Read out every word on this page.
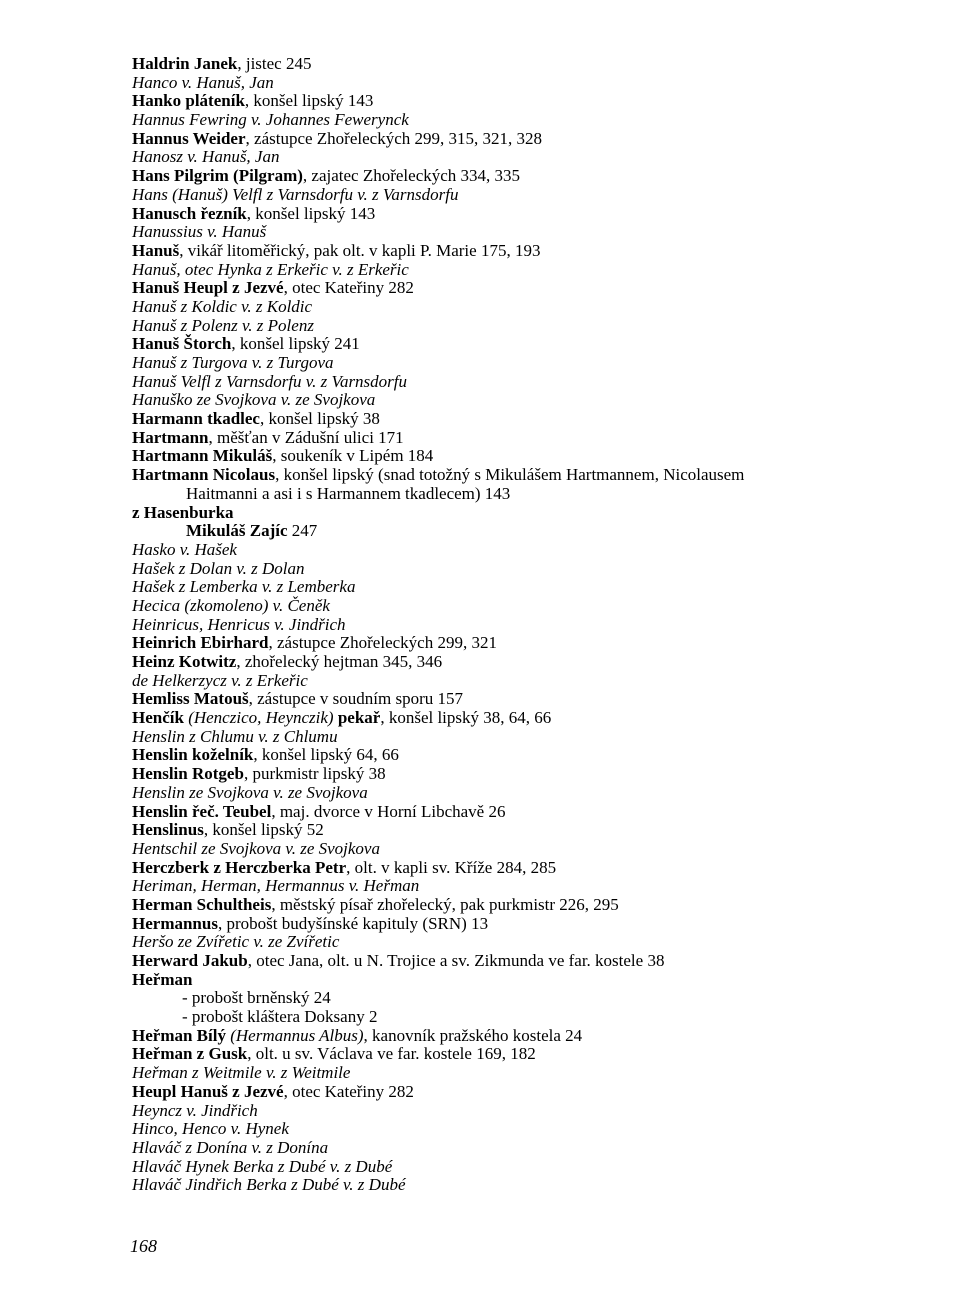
Haldrin Janek, jistec 245
Hanco v. Hanuš, Jan
Hanko pláteník, konšel lipský 143
Hannus Fewring v. Johannes Fewerynck
Hannus Weider, zástupce Zhořeleckých 299, 315, 321, 328
Hanosz v. Hanuš, Jan
Hans Pilgrim (Pilgram), zajatec Zhořeleckých 334, 335
Hans (Hanuš) Velfl z Varnsdorfu v. z Varnsdorfu
Hanusch řezník, konšel lipský 143
Hanussius v. Hanuš
Hanuš, vikář litoměřický, pak olt. v kapli P. Marie 175, 193
Hanuš, otec Hynka z Erkeřic v. z Erkeřic
Hanuš Heupl z Jezvé, otec Kateřiny 282
Hanuš z Koldic v. z Koldic
Hanuš z Polenz v. z Polenz
Hanuš Štorch, konšel lipský 241
Hanuš z Turgova v. z Turgova
Hanuš Velfl z Varnsdorfu v. z Varnsdorfu
Hanuško ze Svojkova v. ze Svojkova
Harmann tkadlec, konšel lipský 38
Hartmann, měšťan v Zádušní ulici 171
Hartmann Mikuláš, soukeník v Lipém 184
Hartmann Nicolaus, konšel lipský (snad totožný s Mikulášem Hartmannem, Nicolausem
Haitmanni a asi i s Harmannem tkadlecem) 143
z Hasenburka
Mikuláš Zajíc 247
Hasko v. Hašek
Hašek z Dolan v. z Dolan
Hašek z Lemberka v. z Lemberka
Hecica (zkomoleno) v. Čeněk
Heinricus, Henricus v. Jindřich
Heinrich Ebirhard, zástupce Zhořeleckých 299, 321
Heinz Kotwitz, zhořelecký hejtman 345, 346
de Helkerzycz v. z Erkeřic
Hemliss Matouš, zástupce v soudním sporu 157
Henčík (Henczico, Heynczik) pekař, konšel lipský 38, 64, 66
Henslin z Chlumu v. z Chlumu
Henslin koželník, konšel lipský 64, 66
Henslin Rotgeb, purkmistr lipský 38
Henslin ze Svojkova v. ze Svojkova
Henslin řeč. Teubel, maj. dvorce v Horní Libchavě 26
Henslinus, konšel lipský 52
Hentschil ze Svojkova v. ze Svojkova
Herczberk z Herczberka Petr, olt. v kapli sv. Kříže 284, 285
Heriman, Herman, Hermannus v. Heřman
Herman Schultheis, městský písař zhořelecký, pak purkmistr 226, 295
Hermannus, probošt budyšínské kapituly (SRN) 13
Heršo ze Zvířetic v. ze Zvířetic
Herward Jakub, otec Jana, olt. u N. Trojice a sv. Zikmunda ve far. kostele 38
Heřman
- probošt brněnský 24
- probošt kláštera Doksany 2
Heřman Bílý (Hermannus Albus), kanovník pražského kostela 24
Heřman z Gusk, olt. u sv. Václava ve far. kostele 169, 182
Heřman z Weitmile v. z Weitmile
Heupl Hanuš z Jezvé, otec Kateřiny 282
Heyncz v. Jindřich
Hinco, Henco v. Hynek
Hlaváč z Donína v. z Donína
Hlaváč Hynek Berka z Dubé v. z Dubé
Hlaváč Jindřich Berka z Dubé v. z Dubé
168
